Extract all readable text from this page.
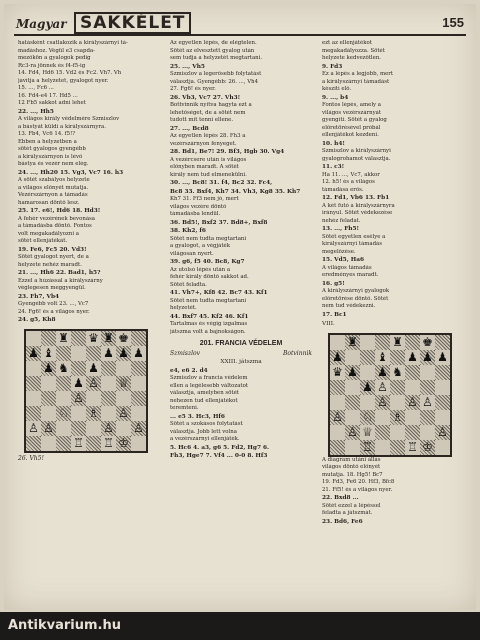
Magyar SAKKÉLET	155
hatásként csatlakozik a királyszárnyi tá-
madáshoz. Végül e3 csapda-
mezőkön a gyalogok pedig
Rc3-ra jönnek és f4-f5-ig
14. Fd4, Hd6 15. Vd2 és Fc2. Vh7. Vh
javítja a helyzetet, gyalogot nyer.
15. ..., Fc6 ...
16. Fd4-e4 17. Hd5 ...
12 Fb5 sakkot adni lehet
22. ..., Hh5
A világos király védelmére Szmiszlov
a bástyát küldi a királyszárnyra.
13. Fb4, Vc6 14. f5!?
Ebben a helyzetben a
sötét gyalogos gyengébb
a királyszárnyon is lévő
bástya és vezér nem elég.
24. ..., Hh20 15. Vg3, Vc7 16. h3
A sötét szabályos helyzete
a világos előnyét mutatja.
Vezérszárnyon a támadás
hamarosan döntő lesz.
25. 17. e6!, Hd6 18. Hd3!
A fehér vezérének bevonása
a támadásba döntő. Fontos
volt megakadályozni a
sötét ellenjátékát.
19. Fe6, Fc5 20. Vd3!
Sötét gyalogot nyert, de a
helyzete nehéz maradt.
21. ..., Hh6 22. Bad1, h5?
Ezzel a húzással a királyszárny
véglegesen meggyengül.
23. Fh7, Vb4
Gyengébb volt 23. ..., Vc7
24. Fg6! és a világos nyer.
24. g5, Kh8
♜ ♛ ♜ ♚
♟ ♝	♟ ♟ ♟
♟ ♞ ♟
♟ ♙ ♕
♙
♘ ♗ ♙
♙ ♙	♙ ♙
♖ ♖ ♔
26. Vh5!
Az egyetlen lépés, de elégtelen.
Sötét az elvesztett gyalog után
sem tudja a helyzetét megtartani.
25. ..., Vh5
Szmiszlov a legerősebb folytatást
választja. Gyengébb: 26. ..., Vh4
27. Fg6! és nyer.
26. Vb3, Vc7 27. Vh3!
Bottvinnik nyitva hagyta ezt a
lehetőséget, de a sötét nem
tudott mit tenni ellene.
27. ..., Bcd8
Az egyetlen lépés 28. Fh3 a
vezérszárnyon fenyeget.
28. Bd1, Be7! 29. Bf3, Hgb 30. Vg4
A vezércsere után is világos
előnyben maradt. A sötét
király nem tud elmenekülni.
30. ..., Bc8! 31. f4, Bc2 32. Fc4,
Bc8 33. Bxf4, Kh7 34. Vh3, Kg8 35. Kh7
Kh7 31. Ff3 nem jó, mert
világos vezére döntő
támadásba lendül.
36. Bd5!, Bxf2 37. Bd8+, Bxf8
38. Kh2, f6
Sötét nem tudta megtartani
a gyalogot, a végjáték
világosan nyert.
39. g6, f5 40. Bc8, Kg7
Az utolsó lépés után a
fehér király döntő sakkot ad.
Sötét feladta.
41. Vh7+, Kf8 42. Bc7 43. Kf1
Sötét nem tudta megtartani
helyzetét.
44. Bxf7 45. Kf2 46. Kf1
Tartalmas és végig izgalmas
játszma volt a bajnokságon.
201. FRANCIA VÉDELEM
Szmiszlov	Botvinnik
XXIII. játszma
e4, e6 2. d4
Szmiszlov a francia védelem
ellen a legélesebb változatot
választja, amelyben sötét
nehezen tud ellenjátékot
teremteni.
... e5 3. Hc3, Hf6
Sötét a szokásos folytatást
választja. Jobb lett volna
a vezérszárnyi ellenjáték.
5. Hc6 4. a3, g6 5. Fd2, Hg7 6.
Fh3, Hge7 7. Vf4 ... 0-0 8. Hf3
ezt az ellenjátékot
megakadályozza. Sötét
helyzete kedvezőtlen.
9. Fd3
Ez a lépés a legjobb, mert
a királyszárnyi támadást
készíti elő.
9. ..., b4
Fontos lépés, amely a
világos vezérszárnyát
gyengíti. Sötét a gyalog
előretörésével próbál
ellenjátékot kezdeni.
10. h4!
Szmiszlov a királyszárnyi
gyalogrohamot választja.
11. c3!
Ha 11. ..., Vc7, akkor
12. h5! és a világos
támadása erős.
12. Fd1, Vb6 13. Fb1
A két futó a királyszárnyra
irányul. Sötét védekezése
nehéz feladat.
13. ..., Fh5!
Sötét egyetlen esélye a
királyszárnyi támadás
megelőzése.
15. Vd5, Ha6
A világos támadás
eredményes maradt.
16. g5!
A királyszárnyi gyalogok
előretörése döntő. Sötét
nem tud védekezni.
17. Bc1
VIII.
♜	♜ ♚
♟	♝ ♟ ♟ ♟
♛ ♟ ♟ ♞
♟ ♙
♙ ♙ ♙
♙ ♘ ♗
♙ ♕	♙
♖	♖ ♔
A diagram utáni állás
világos döntő előnyét
mutatja. 18. Hg5! Bc7
19. Fd3, Fe6 20. Hf3, Bfc8
21. Ff5! és a világos nyer.
22. Bxd8 ...
Sötét ezzel a lépéssel
feladta a játszmát.
23. Bd6, Fe6
Antikvarium.hu
